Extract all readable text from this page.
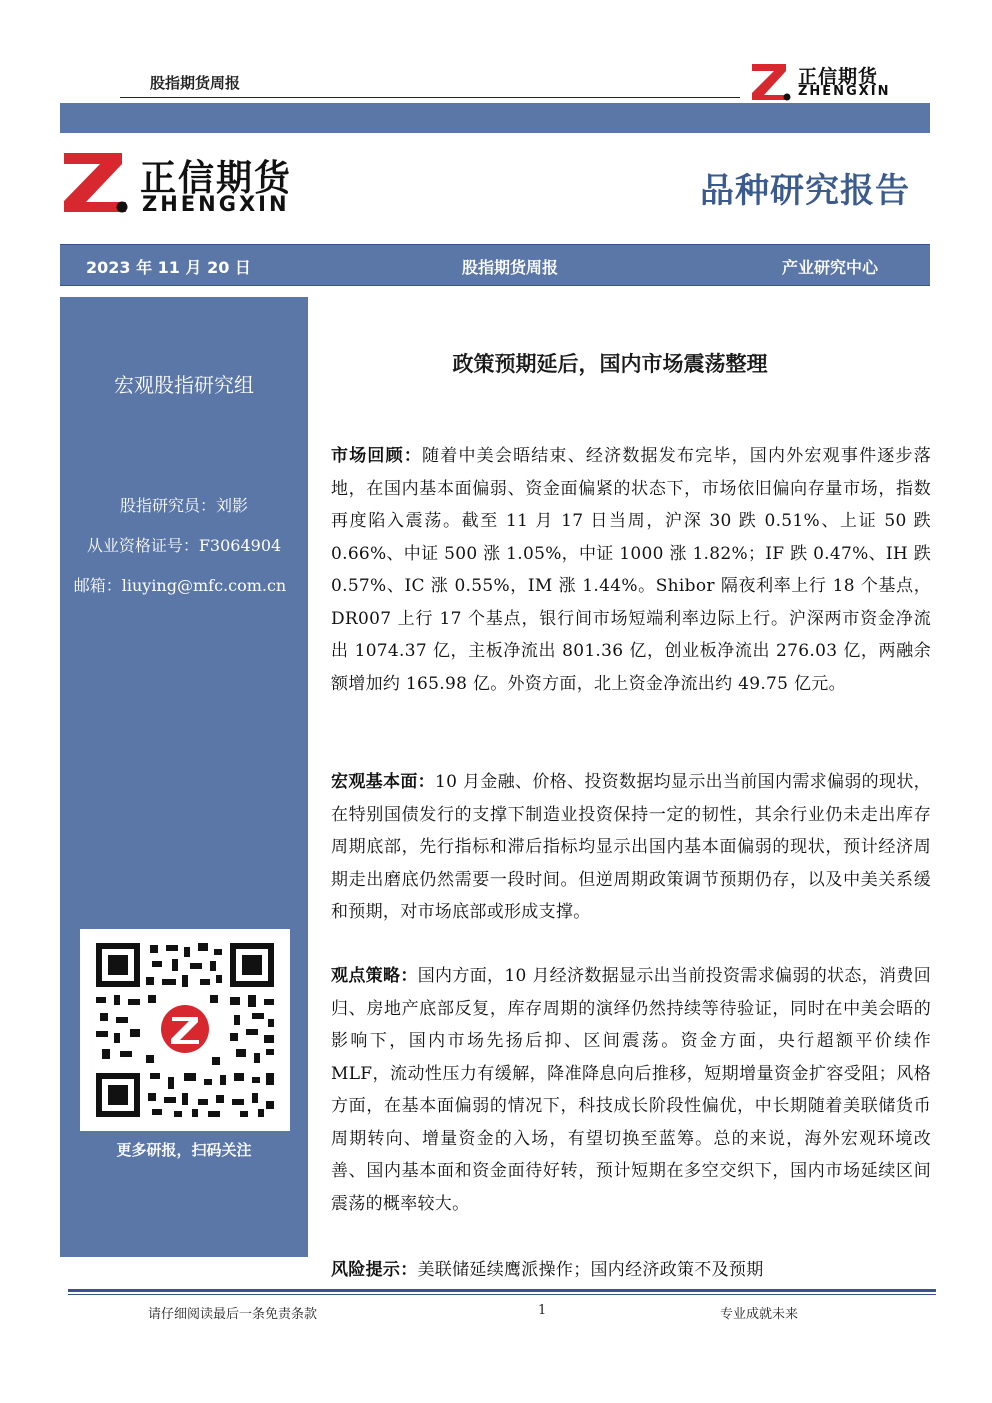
股指期货周报	正信期货
ZHENGXIN
正信期货
ZHENGXIN	品种研究报告
2023 年 11 月 20 日	股指期货周报	产业研究中心
宏观股指研究组
股指研究员：刘影
从业资格证号：F3064904
邮箱：liuying@mfc.com.cn
更多研报，扫码关注
政策预期延后，国内市场震荡整理
市场回顾：随着中美会晤结束、经济数据发布完毕，国内外宏观事件逐步落地，在国内基本面偏弱、资金面偏紧的状态下，市场依旧偏向存量市场，指数再度陷入震荡。截至 11 月 17 日当周，沪深 30 跌 0.51%、上证 50 跌 0.66%、中证 500 涨 1.05%，中证 1000 涨 1.82%；IF 跌 0.47%、IH 跌 0.57%、IC 涨 0.55%，IM 涨 1.44%。Shibor 隔夜利率上行 18 个基点，DR007 上行 17 个基点，银行间市场短端利率边际上行。沪深两市资金净流出 1074.37 亿，主板净流出 801.36 亿，创业板净流出 276.03 亿，两融余额增加约 165.98 亿。外资方面，北上资金净流出约 49.75 亿元。
宏观基本面：10 月金融、价格、投资数据均显示出当前国内需求偏弱的现状，在特别国债发行的支撑下制造业投资保持一定的韧性，其余行业仍未走出库存周期底部，先行指标和滞后指标均显示出国内基本面偏弱的现状，预计经济周期走出磨底仍然需要一段时间。但逆周期政策调节预期仍存，以及中美关系缓和预期，对市场底部或形成支撑。
观点策略：国内方面，10 月经济数据显示出当前投资需求偏弱的状态，消费回归、房地产底部反复，库存周期的演绎仍然持续等待验证，同时在中美会晤的影响下，国内市场先扬后抑、区间震荡。资金方面，央行超额平价续作 MLF，流动性压力有缓解，降准降息向后推移，短期增量资金扩容受阻；风格方面，在基本面偏弱的情况下，科技成长阶段性偏优，中长期随着美联储货币周期转向、增量资金的入场，有望切换至蓝筹。总的来说，海外宏观环境改善、国内基本面和资金面待好转，预计短期在多空交织下，国内市场延续区间震荡的概率较大。
风险提示：美联储延续鹰派操作；国内经济政策不及预期
请仔细阅读最后一条免责条款	1	专业成就未来
